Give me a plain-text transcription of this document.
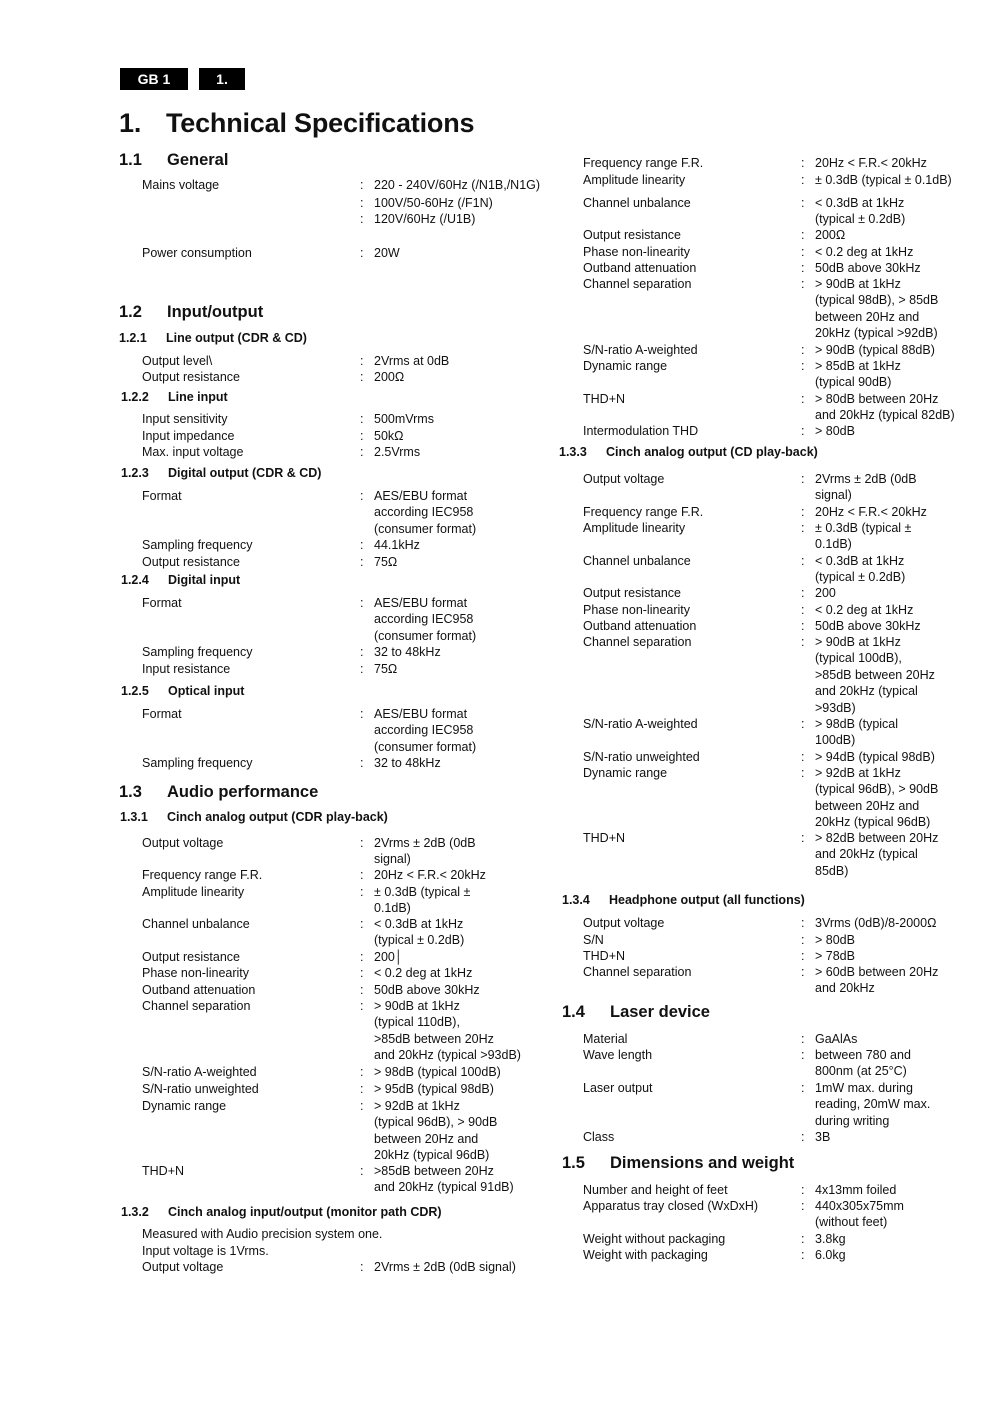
GB 1	1.
1. Technical Specifications
1.1 General
Mains voltage	: 220 - 240V/60Hz (/N1B,/N1G)
: 100V/50-60Hz (/F1N)
: 120V/60Hz (/U1B)
Power consumption	: 20W
1.2 Input/output
1.2.1 Line output (CDR & CD)
Output level\	: 2Vrms at 0dB
Output resistance	: 200Ω
1.2.2 Line input
Input sensitivity	: 500mVrms
Input impedance	: 50kΩ
Max. input voltage	: 2.5Vrms
1.2.3 Digital output (CDR & CD)
Format	: AES/EBU format
according IEC958
(consumer format)
Sampling frequency	: 44.1kHz
Output resistance	: 75Ω
1.2.4 Digital input
Format	: AES/EBU format
according IEC958
(consumer format)
Sampling frequency	: 32 to 48kHz
Input resistance	: 75Ω
1.2.5 Optical input
Format	: AES/EBU format
according IEC958
(consumer format)
Sampling frequency	: 32 to 48kHz
1.3 Audio performance
1.3.1 Cinch analog output (CDR play-back)
Output voltage	: 2Vrms ± 2dB (0dB
signal)
Frequency range F.R.	: 20Hz < F.R.< 20kHz
Amplitude linearity	: ± 0.3dB (typical ±
0.1dB)
Channel unbalance	: < 0.3dB at 1kHz
(typical ± 0.2dB)
Output resistance	: 200│
Phase non-linearity	: < 0.2 deg at 1kHz
Outband attenuation	: 50dB above 30kHz
Channel separation	: > 90dB at 1kHz
(typical 110dB),
>85dB between 20Hz
and 20kHz (typical >93dB)
S/N-ratio A-weighted	: > 98dB (typical 100dB)
S/N-ratio unweighted	: > 95dB (typical 98dB)
Dynamic range	: > 92dB at 1kHz
(typical 96dB), > 90dB
between 20Hz and
20kHz (typical 96dB)
THD+N	: >85dB between 20Hz
and 20kHz (typical 91dB)
1.3.2 Cinch analog input/output (monitor path CDR)
Measured with Audio precision system one.
Input voltage is 1Vrms.
Output voltage	: 2Vrms ± 2dB (0dB signal)
Frequency range F.R.	: 20Hz < F.R.< 20kHz
Amplitude linearity	: ± 0.3dB (typical ± 0.1dB)
Channel unbalance	: < 0.3dB at 1kHz
(typical ± 0.2dB)
Output resistance	: 200Ω
Phase non-linearity	: < 0.2 deg at 1kHz
Outband attenuation	: 50dB above 30kHz
Channel separation	: > 90dB at 1kHz
(typical 98dB), > 85dB
between 20Hz and
20kHz (typical >92dB)
S/N-ratio A-weighted	: > 90dB (typical 88dB)
Dynamic range	: > 85dB at 1kHz
(typical 90dB)
THD+N	: > 80dB between 20Hz
and 20kHz (typical 82dB)
Intermodulation THD	: > 80dB
1.3.3 Cinch analog output (CD play-back)
Output voltage	: 2Vrms ± 2dB (0dB
signal)
Frequency range F.R.	: 20Hz < F.R.< 20kHz
Amplitude linearity	: ± 0.3dB (typical ±
0.1dB)
Channel unbalance	: < 0.3dB at 1kHz
(typical ± 0.2dB)
Output resistance	: 200
Phase non-linearity	: < 0.2 deg at 1kHz
Outband attenuation	: 50dB above 30kHz
Channel separation	: > 90dB at 1kHz
(typical 100dB),
>85dB between 20Hz
and 20kHz (typical
>93dB)
S/N-ratio A-weighted	: > 98dB (typical
100dB)
S/N-ratio unweighted	: > 94dB (typical 98dB)
Dynamic range	: > 92dB at 1kHz
(typical 96dB), > 90dB
between 20Hz and
20kHz (typical 96dB)
THD+N	: > 82dB between 20Hz
and 20kHz (typical
85dB)
1.3.4 Headphone output (all functions)
Output voltage	: 3Vrms (0dB)/8-2000Ω
S/N	: > 80dB
THD+N	: > 78dB
Channel separation	: > 60dB between 20Hz
and 20kHz
1.4 Laser device
Material	: GaAlAs
Wave length	: between 780 and
800nm (at 25°C)
Laser output	: 1mW max. during
reading, 20mW max.
during writing
Class	: 3B
1.5 Dimensions and weight
Number and height of feet	: 4x13mm foiled
Apparatus tray closed (WxDxH)	: 440x305x75mm
(without feet)
Weight without packaging	: 3.8kg
Weight with packaging	: 6.0kg
